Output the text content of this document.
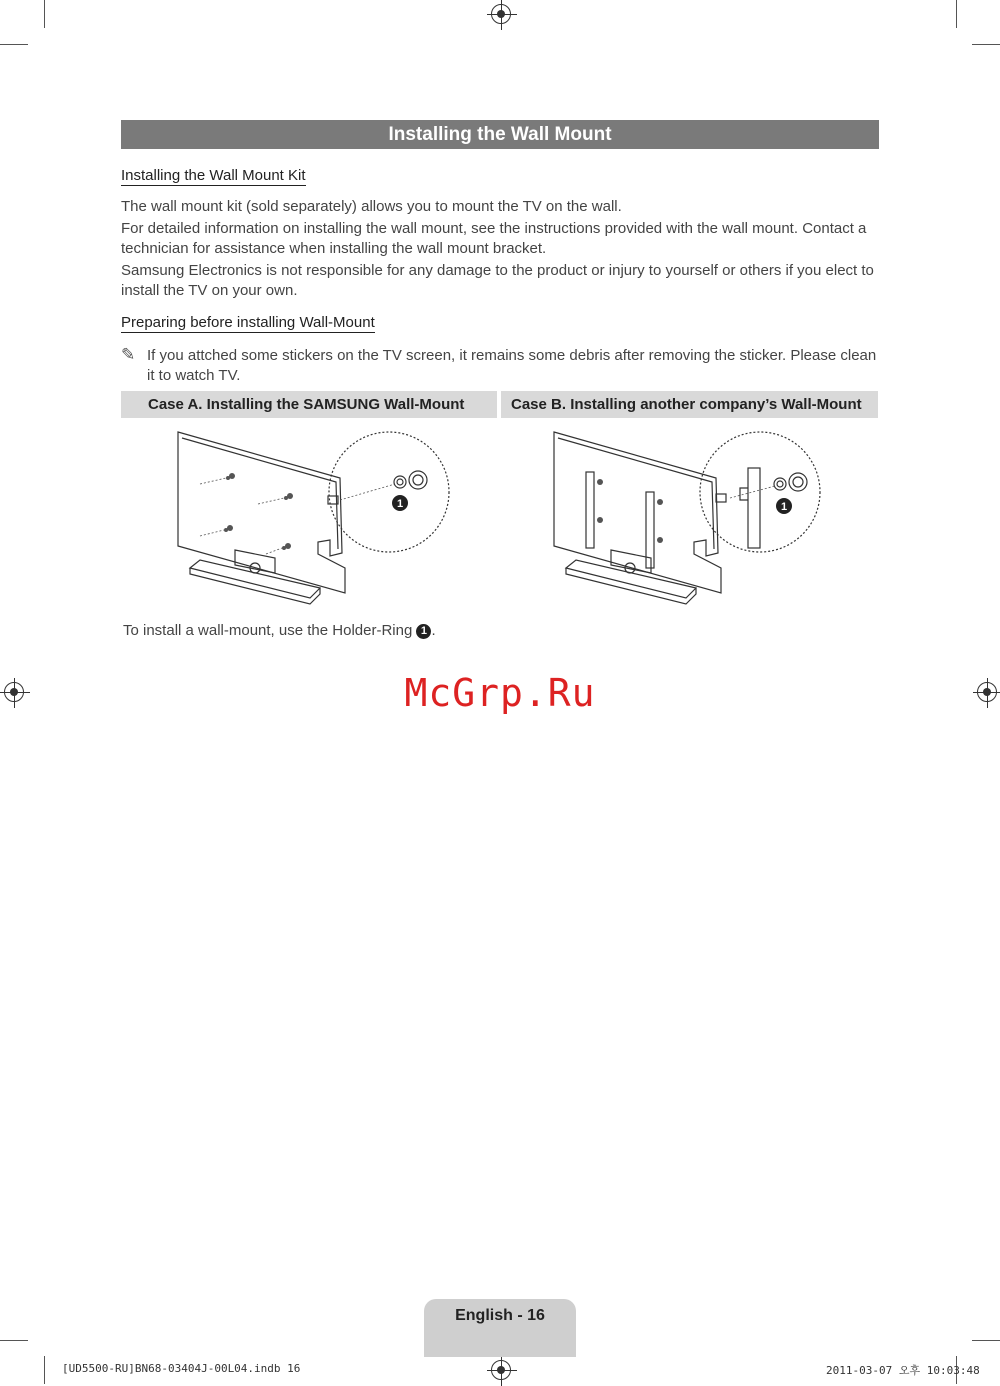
Installing the Wall Mount
Installing the Wall Mount Kit
The wall mount kit (sold separately) allows you to mount the TV on the wall.
For detailed information on installing the wall mount, see the instructions provided with the wall mount. Contact a technician for assistance when installing the wall mount bracket.
Samsung Electronics is not responsible for any damage to the product or injury to yourself or others if you elect to install the TV on your own.
Preparing before installing Wall-Mount
✎ If you attched some stickers on the TV screen, it remains some debris after removing the sticker. Please clean it to watch TV.
Case A. Installing the SAMSUNG Wall-Mount	Case B. Installing another company’s Wall-Mount
1	1
To install a wall-mount, use the Holder-Ring 1 .
McGrp.Ru
English - 16
[UD5500-RU]BN68-03404J-00L04.indb 16	2011-03-07 오후 10:03:48
